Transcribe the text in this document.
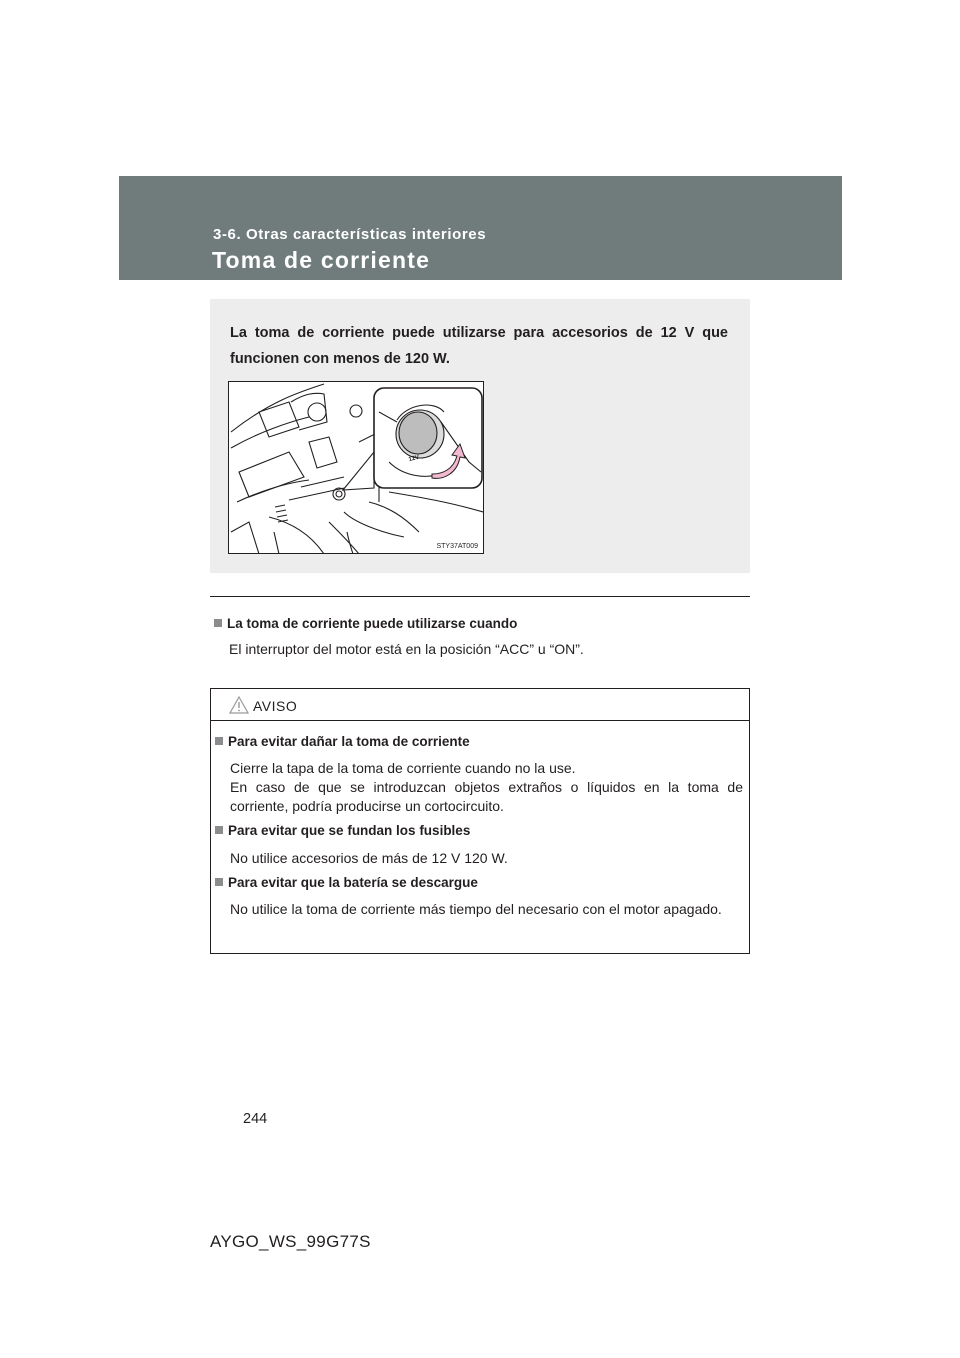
3-6. Otras características interiores
Toma de corriente
La toma de corriente puede utilizarse para accesorios de 12 V que funcionen con menos de 120 W.
12V
STY37AT009
La toma de corriente puede utilizarse cuando
El interruptor del motor está en la posición “ACC” u “ON”.
AVISO
Para evitar dañar la toma de corriente

Cierre la tapa de la toma de corriente cuando no la use.

En caso de que se introduzcan objetos extraños o líquidos en la toma de corriente, podría producirse un cortocircuito.

Para evitar que se fundan los fusibles

No utilice accesorios de más de 12 V 120 W.

Para evitar que la batería se descargue

No utilice la toma de corriente más tiempo del necesario con el motor apagado.

244
AYGO_WS_99G77S
